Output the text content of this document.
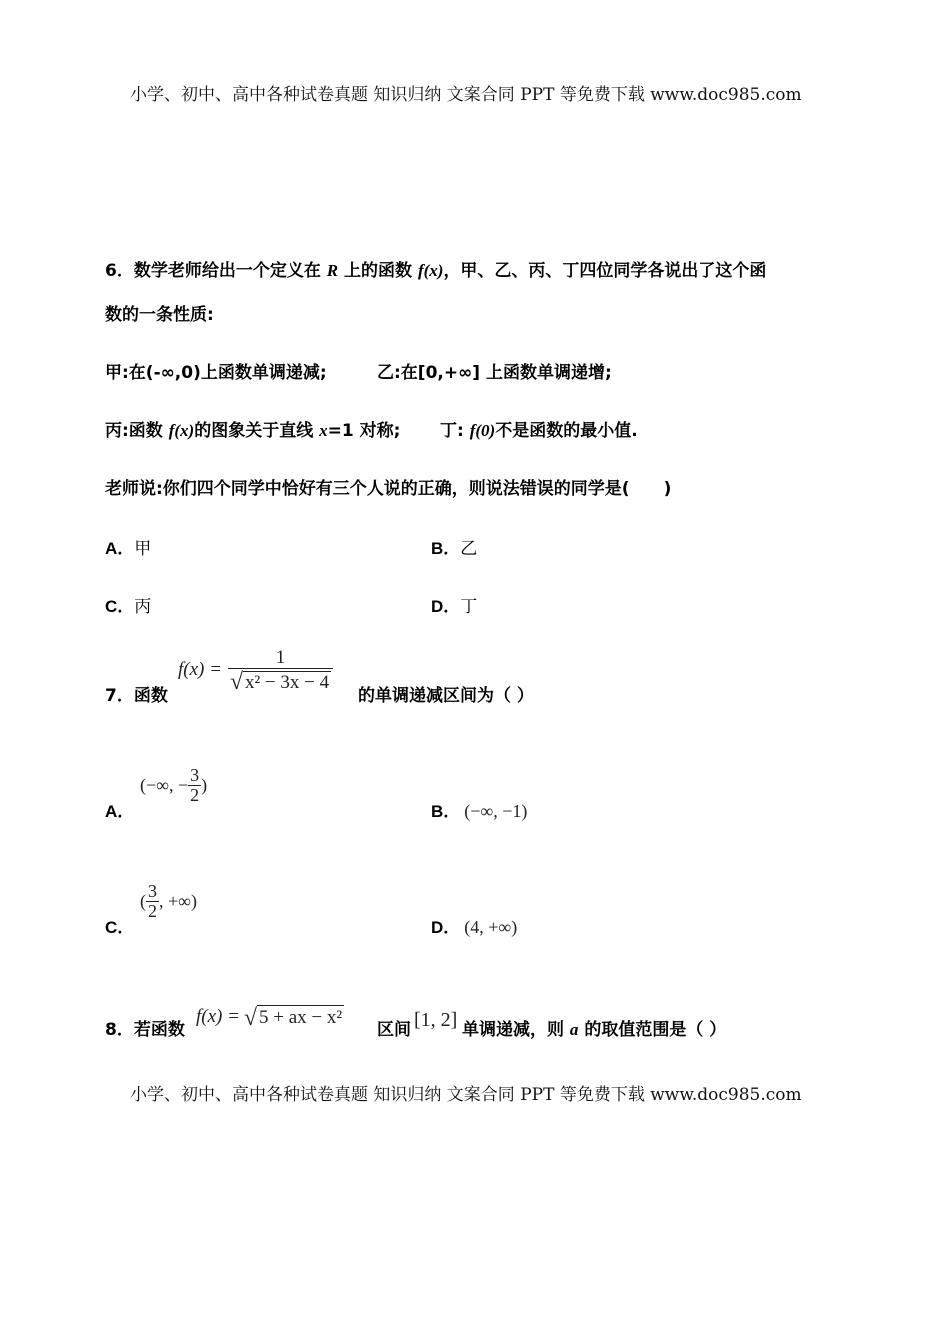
小学、初中、高中各种试卷真题 知识归纳 文案合同 PPT 等免费下载 www.doc985.com
6．数学老师给出一个定义在 R 上的函数 f(x)，甲、乙、丙、丁四位同学各说出了这个函
数的一条性质:
甲:在(-∞,0)上函数单调递减;	乙:在[0,+∞] 上函数单调递增;
丙:函数 f(x)的图象关于直线 x=1 对称; 丁: f(0)不是函数的最小值.
老师说:你们四个同学中恰好有三个人说的正确，则说法错误的同学是(　　)
A．甲	B．乙
C．丙	D．丁
7．函数
$f(x) = \frac{1}{\text{√ x² − 3x − 4}}$
的单调递减区间为（ ）
A．
(−∞, − $\frac{3}{2}$ )
B． (−∞, −1)
C．
( $\frac{3}{2}$ , +∞)
D． (4, +∞)
8．若函数
f(x) = √ 5 + ax − x²
区间 [1, 2] 单调递减，则 a 的取值范围是（ ）
小学、初中、高中各种试卷真题 知识归纳 文案合同 PPT 等免费下载 www.doc985.com
